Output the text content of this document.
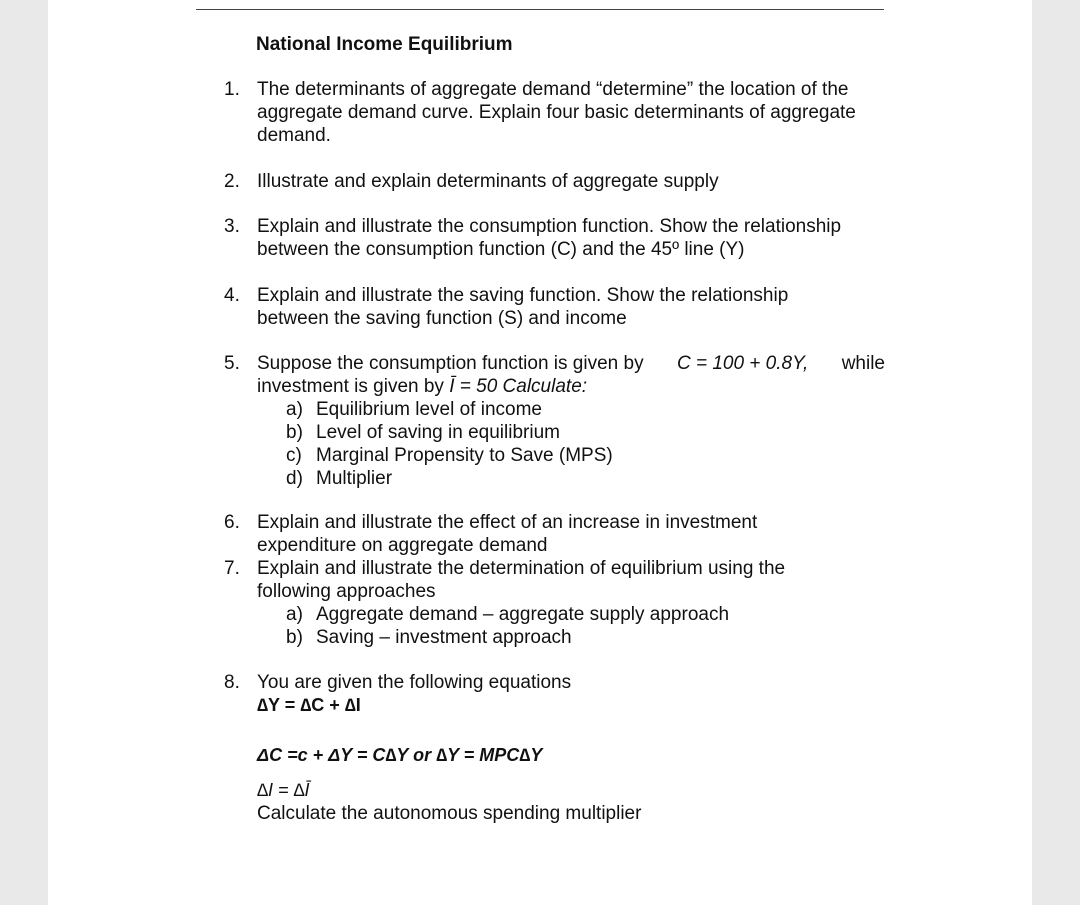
National Income Equilibrium
1. The determinants of aggregate demand “determine” the location of the
aggregate demand curve. Explain four basic determinants of aggregate
demand.
2. Illustrate and explain determinants of aggregate supply
3. Explain and illustrate the consumption function. Show the relationship
between the consumption function (C) and the 45º line (Y)
4. Explain and illustrate the saving function. Show the relationship
between the saving function (S) and income
5. Suppose the consumption function is given by C = 100 + 0.8Y, while
investment is given by Ī = 50 Calculate:
a) Equilibrium level of income
b) Level of saving in equilibrium
c) Marginal Propensity to Save (MPS)
d) Multiplier
6. Explain and illustrate the effect of an increase in investment
expenditure on aggregate demand
7. Explain and illustrate the determination of equilibrium using the
following approaches
a) Aggregate demand – aggregate supply approach
b) Saving – investment approach
8. You are given the following equations
∆Y = ∆C + ∆I
ΔC =c + ΔY = C∆Y or ∆Y = MPC∆Y
∆I = ∆Ī
Calculate the autonomous spending multiplier
